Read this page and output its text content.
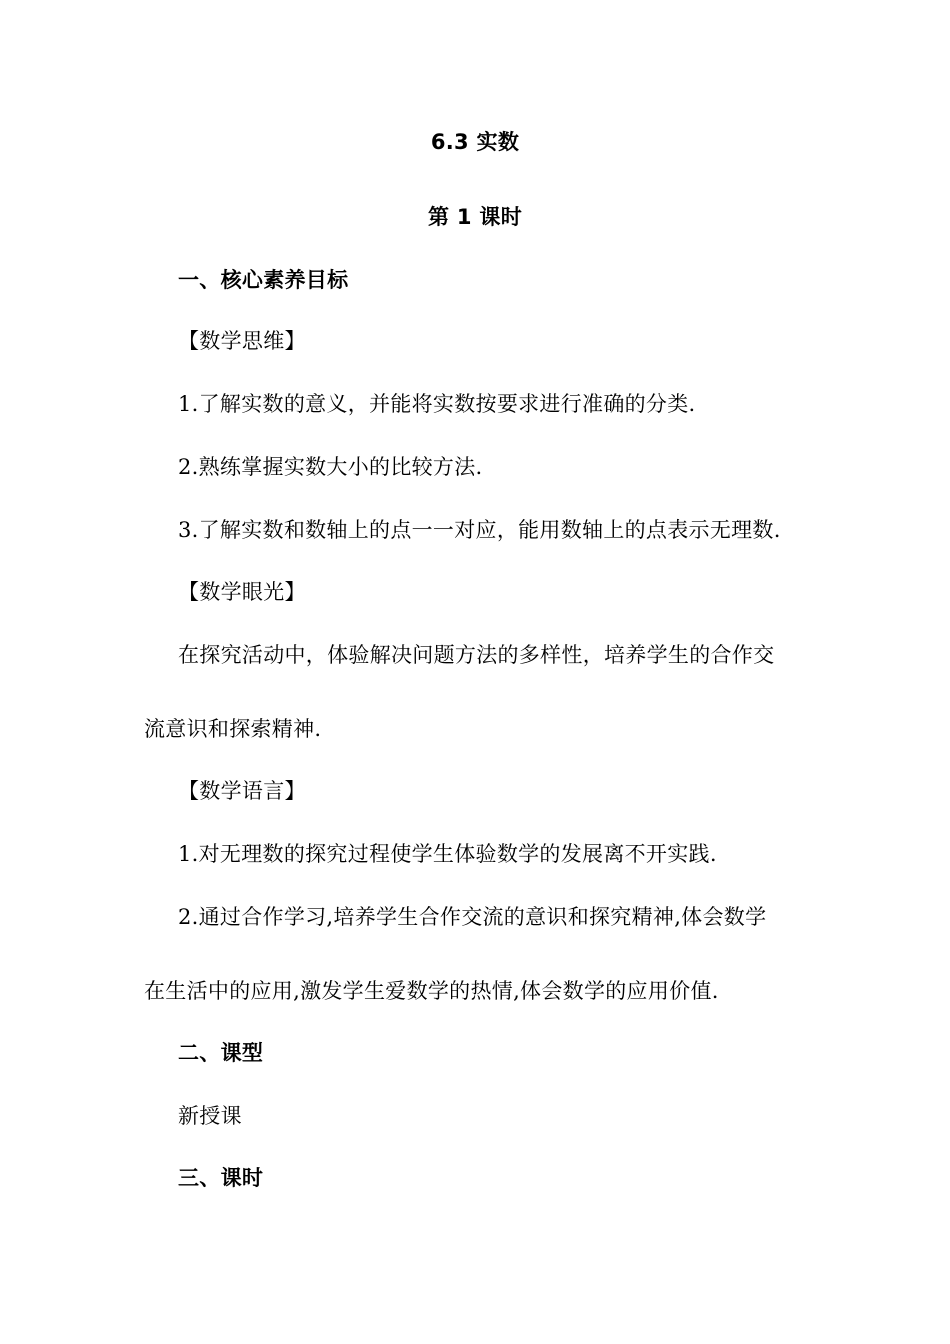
6.3 实数
第 1 课时
一、核心素养目标
【数学思维】
1.了解实数的意义，并能将实数按要求进行准确的分类.
2.熟练掌握实数大小的比较方法.
3.了解实数和数轴上的点一一对应，能用数轴上的点表示无理数.
【数学眼光】
在探究活动中，体验解决问题方法的多样性，培养学生的合作交
流意识和探索精神.
【数学语言】
1.对无理数的探究过程使学生体验数学的发展离不开实践.
2.通过合作学习,培养学生合作交流的意识和探究精神,体会数学
在生活中的应用,激发学生爱数学的热情,体会数学的应用价值.
二、课型
新授课
三、课时
